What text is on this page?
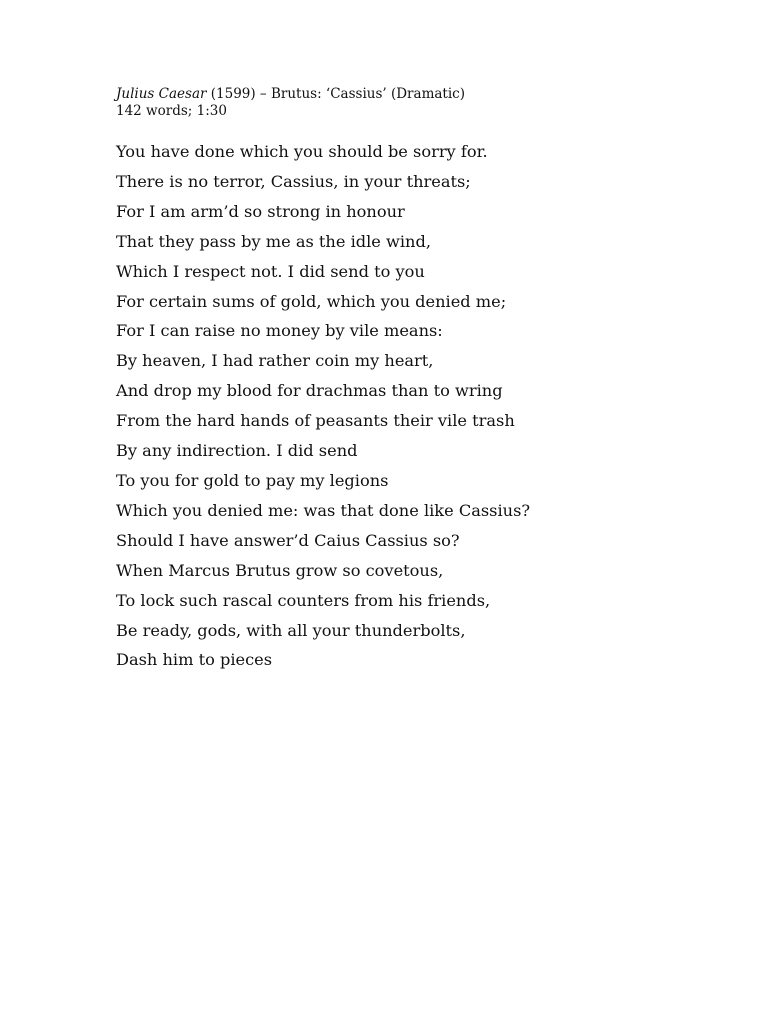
Julius Caesar (1599) – Brutus: ‘Cassius’ (Dramatic)

142 words; 1:30

You have done which you should be sorry for.

There is no terror, Cassius, in your threats;

For I am arm’d so strong in honour

That they pass by me as the idle wind,

Which I respect not. I did send to you

For certain sums of gold, which you denied me;

For I can raise no money by vile means:

By heaven, I had rather coin my heart,

And drop my blood for drachmas than to wring

From the hard hands of peasants their vile trash

By any indirection. I did send

To you for gold to pay my legions

Which you denied me: was that done like Cassius?

Should I have answer’d Caius Cassius so?

When Marcus Brutus grow so covetous,

To lock such rascal counters from his friends,

Be ready, gods, with all your thunderbolts,

Dash him to pieces
